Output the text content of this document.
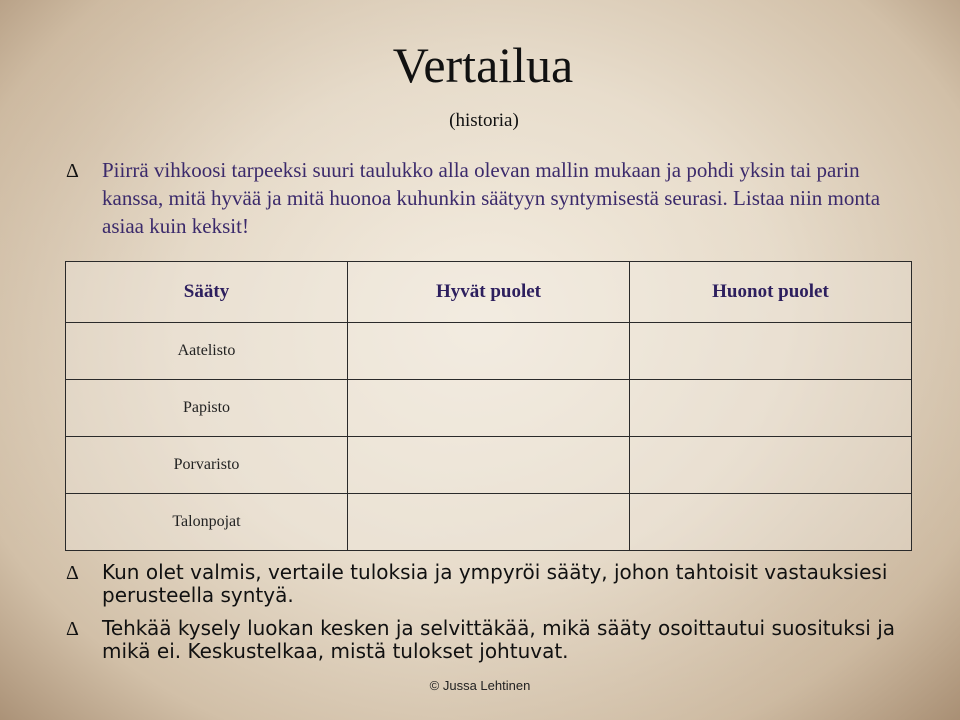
Vertailua
(historia)
Δ Piirrä vihkoosi tarpeeksi suuri taulukko alla olevan mallin mukaan ja pohdi yksin tai parin kanssa, mitä hyvää ja mitä huonoa kuhunkin säätyyn syntymisestä seurasi. Listaa niin monta asiaa kuin keksit!
Sääty	Hyvät puolet	Huonot puolet
Aatelisto		
Papisto		
Porvaristo		
Talonpojat		
Δ Kun olet valmis, vertaile tuloksia ja ympyröi sääty, johon tahtoisit vastauksiesi perusteella syntyä.
Δ Tehkää kysely luokan kesken ja selvittäkää, mikä sääty osoittautui suosituksi ja mikä ei. Keskustelkaa, mistä tulokset johtuvat.
© Jussa Lehtinen
